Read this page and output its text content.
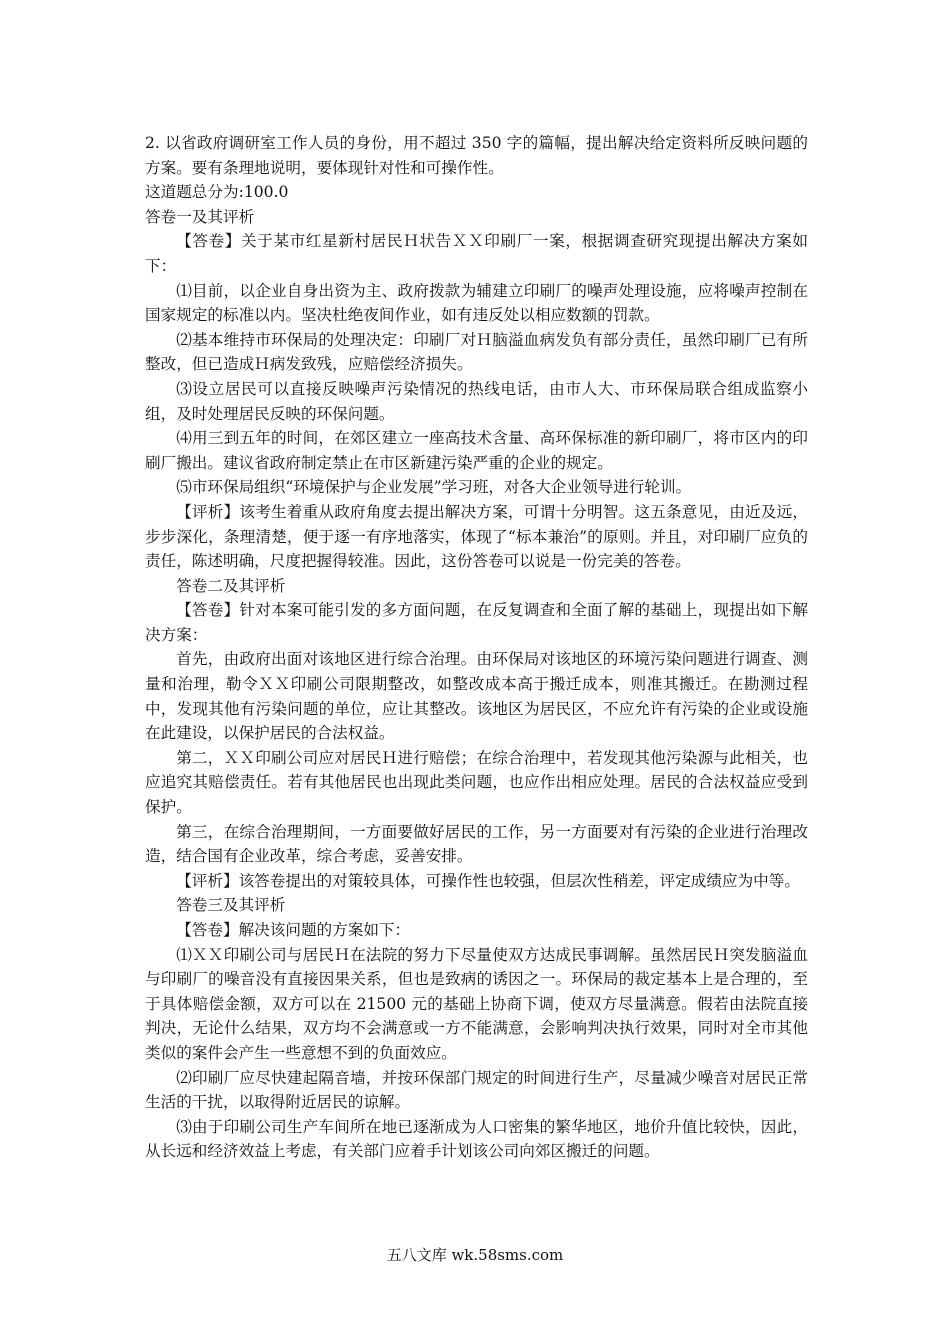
2. 以省政府调研室工作人员的身份，用不超过 350 字的篇幅，提出解决给定资料所反映问题的方案。要有条理地说明，要体现针对性和可操作性。

这道题总分为:100.0

答卷一及其评析

【答卷】关于某市红星新村居民Ｈ状告ＸＸ印刷厂一案，根据调查研究现提出解决方案如下：

⑴目前，以企业自身出资为主、政府拨款为辅建立印刷厂的噪声处理设施，应将噪声控制在国家规定的标准以内。坚决杜绝夜间作业，如有违反处以相应数额的罚款。

⑵基本维持市环保局的处理决定：印刷厂对Ｈ脑溢血病发负有部分责任，虽然印刷厂已有所整改，但已造成Ｈ病发致残，应赔偿经济损失。

⑶设立居民可以直接反映噪声污染情况的热线电话，由市人大、市环保局联合组成监察小组，及时处理居民反映的环保问题。

⑷用三到五年的时间，在郊区建立一座高技术含量、高环保标准的新印刷厂，将市区内的印刷厂搬出。建议省政府制定禁止在市区新建污染严重的企业的规定。

⑸市环保局组织“环境保护与企业发展”学习班，对各大企业领导进行轮训。

【评析】该考生着重从政府角度去提出解决方案，可谓十分明智。这五条意见，由近及远，步步深化，条理清楚，便于逐一有序地落实，体现了“标本兼治”的原则。并且，对印刷厂应负的责任，陈述明确，尺度把握得较准。因此，这份答卷可以说是一份完美的答卷。

答卷二及其评析

【答卷】针对本案可能引发的多方面问题，在反复调查和全面了解的基础上，现提出如下解决方案：

首先，由政府出面对该地区进行综合治理。由环保局对该地区的环境污染问题进行调查、测量和治理，勒令ＸＸ印刷公司限期整改，如整改成本高于搬迁成本，则准其搬迁。在勘测过程中，发现其他有污染问题的单位，应让其整改。该地区为居民区，不应允许有污染的企业或设施在此建设，以保护居民的合法权益。

第二，ＸＸ印刷公司应对居民Ｈ进行赔偿；在综合治理中，若发现其他污染源与此相关，也应追究其赔偿责任。若有其他居民也出现此类问题，也应作出相应处理。居民的合法权益应受到保护。

第三，在综合治理期间，一方面要做好居民的工作，另一方面要对有污染的企业进行治理改造，结合国有企业改革，综合考虑，妥善安排。

【评析】该答卷提出的对策较具体，可操作性也较强，但层次性稍差，评定成绩应为中等。

答卷三及其评析

【答卷】解决该问题的方案如下：

⑴ＸＸ印刷公司与居民Ｈ在法院的努力下尽量使双方达成民事调解。虽然居民Ｈ突发脑溢血与印刷厂的噪音没有直接因果关系，但也是致病的诱因之一。环保局的裁定基本上是合理的，至于具体赔偿金额，双方可以在 21500 元的基础上协商下调，使双方尽量满意。假若由法院直接判决，无论什么结果，双方均不会满意或一方不能满意，会影响判决执行效果，同时对全市其他类似的案件会产生一些意想不到的负面效应。

⑵印刷厂应尽快建起隔音墙，并按环保部门规定的时间进行生产，尽量减少噪音对居民正常生活的干扰，以取得附近居民的谅解。

⑶由于印刷公司生产车间所在地已逐渐成为人口密集的繁华地区，地价升值比较快，因此，从长远和经济效益上考虑，有关部门应着手计划该公司向郊区搬迁的问题。

五八文库 wk.58sms.com
